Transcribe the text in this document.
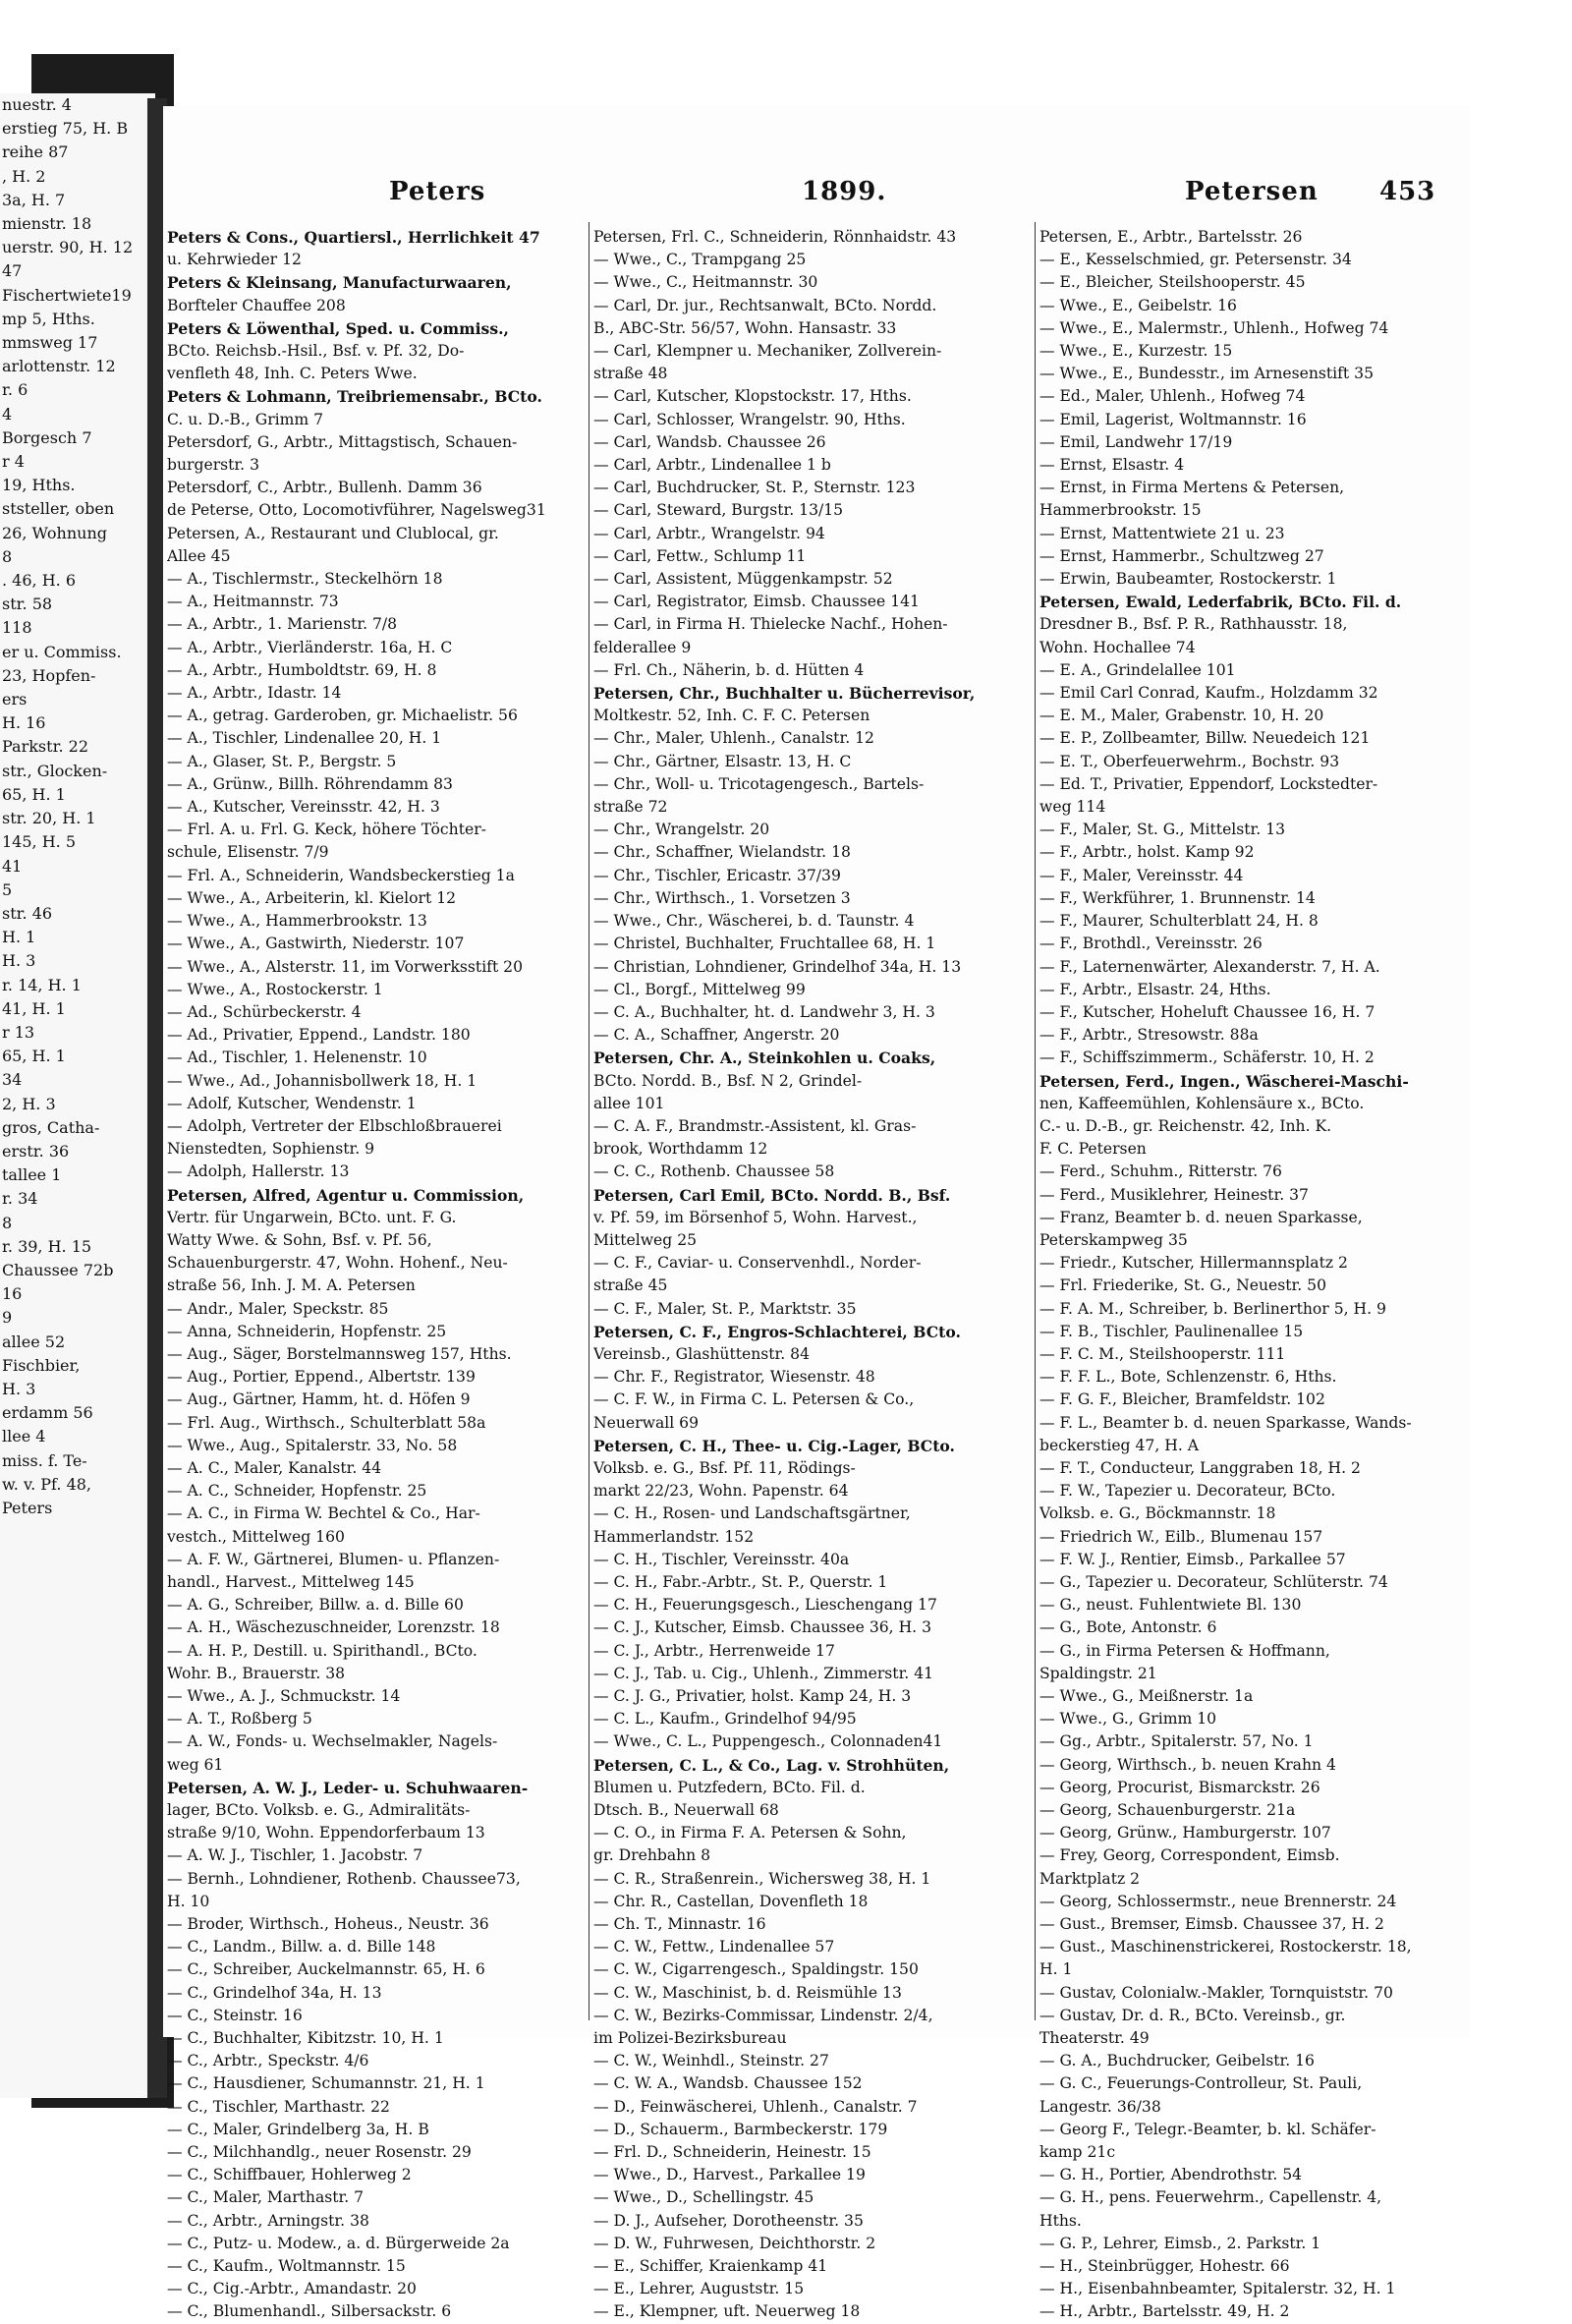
nuestr. 4
erstieg 75, H. B
reihe 87
, H. 2
3a, H. 7
mienstr. 18
uerstr. 90, H. 12
47
Fischertwiete19
mp 5, Hths.
mmsweg 17
arlottenstr. 12
r. 6
4
Borgesch 7
r 4
19, Hths.
ststeller, oben
26, Wohnung
8
. 46, H. 6
str. 58
118
er u. Commiss.
23, Hopfen-
ers
H. 16
Parkstr. 22
str., Glocken-
65, H. 1
str. 20, H. 1
145, H. 5
41
5
str. 46
H. 1
H. 3
r. 14, H. 1
41, H. 1
r 13
65, H. 1
34
2, H. 3
gros, Catha-
erstr. 36
tallee 1
r. 34
8
r. 39, H. 15
Chaussee 72b
16
9
allee 52
Fischbier,
H. 3
erdamm 56
llee 4
miss. f. Te-
w. v. Pf. 48,
Peters
Peters	1899.	Petersen 453
Peters & Cons., Quartiersl., Herrlichkeit 47
u. Kehrwieder 12
Peters & Kleinsang, Manufacturwaaren,
Borfteler Chauffee 208
Peters & Löwenthal, Sped. u. Commiss.,
BCto. Reichsb.-Hsil., Bsf. v. Pf. 32, Do-
venfleth 48, Inh. C. Peters Wwe.
Peters & Lohmann, Treibriemensabr., BCto.
C. u. D.-B., Grimm 7
Petersdorf, G., Arbtr., Mittagstisch, Schauen-
burgerstr. 3
Petersdorf, C., Arbtr., Bullenh. Damm 36
de Peterse, Otto, Locomotivführer, Nagelsweg31
Petersen, A., Restaurant und Clublocal, gr.
Allee 45
— A., Tischlermstr., Steckelhörn 18
— A., Heitmannstr. 73
— A., Arbtr., 1. Marienstr. 7/8
— A., Arbtr., Vierländerstr. 16a, H. C
— A., Arbtr., Humboldtstr. 69, H. 8
— A., Arbtr., Idastr. 14
— A., getrag. Garderoben, gr. Michaelistr. 56
— A., Tischler, Lindenallee 20, H. 1
— A., Glaser, St. P., Bergstr. 5
— A., Grünw., Billh. Röhrendamm 83
— A., Kutscher, Vereinsstr. 42, H. 3
— Frl. A. u. Frl. G. Keck, höhere Töchter-
schule, Elisenstr. 7/9
— Frl. A., Schneiderin, Wandsbeckerstieg 1a
— Wwe., A., Arbeiterin, kl. Kielort 12
— Wwe., A., Hammerbrookstr. 13
— Wwe., A., Gastwirth, Niederstr. 107
— Wwe., A., Alsterstr. 11, im Vorwerksstift 20
— Wwe., A., Rostockerstr. 1
— Ad., Schürbeckerstr. 4
— Ad., Privatier, Eppend., Landstr. 180
— Ad., Tischler, 1. Helenenstr. 10
— Wwe., Ad., Johannisbollwerk 18, H. 1
— Adolf, Kutscher, Wendenstr. 1
— Adolph, Vertreter der Elbschloßbrauerei
Nienstedten, Sophienstr. 9
— Adolph, Hallerstr. 13
Petersen, Alfred, Agentur u. Commission,
Vertr. für Ungarwein, BCto. unt. F. G.
Watty Wwe. & Sohn, Bsf. v. Pf. 56,
Schauenburgerstr. 47, Wohn. Hohenf., Neu-
straße 56, Inh. J. M. A. Petersen
— Andr., Maler, Speckstr. 85
— Anna, Schneiderin, Hopfenstr. 25
— Aug., Säger, Borstelmannsweg 157, Hths.
— Aug., Portier, Eppend., Albertstr. 139
— Aug., Gärtner, Hamm, ht. d. Höfen 9
— Frl. Aug., Wirthsch., Schulterblatt 58a
— Wwe., Aug., Spitalerstr. 33, No. 58
— A. C., Maler, Kanalstr. 44
— A. C., Schneider, Hopfenstr. 25
— A. C., in Firma W. Bechtel & Co., Har-
vestch., Mittelweg 160
— A. F. W., Gärtnerei, Blumen- u. Pflanzen-
handl., Harvest., Mittelweg 145
— A. G., Schreiber, Billw. a. d. Bille 60
— A. H., Wäschezuschneider, Lorenzstr. 18
— A. H. P., Destill. u. Spirithandl., BCto.
Wohr. B., Brauerstr. 38
— Wwe., A. J., Schmuckstr. 14
— A. T., Roßberg 5
— A. W., Fonds- u. Wechselmakler, Nagels-
weg 61
Petersen, A. W. J., Leder- u. Schuhwaaren-
lager, BCto. Volksb. e. G., Admiralitäts-
straße 9/10, Wohn. Eppendorferbaum 13
— A. W. J., Tischler, 1. Jacobstr. 7
— Bernh., Lohndiener, Rothenb. Chaussee73,
H. 10
— Broder, Wirthsch., Hoheus., Neustr. 36
— C., Landm., Billw. a. d. Bille 148
— C., Schreiber, Auckelmannstr. 65, H. 6
— C., Grindelhof 34a, H. 13
— C., Steinstr. 16
— C., Buchhalter, Kibitzstr. 10, H. 1
— C., Arbtr., Speckstr. 4/6
— C., Hausdiener, Schumannstr. 21, H. 1
— C., Tischler, Marthastr. 22
— C., Maler, Grindelberg 3a, H. B
— C., Milchhandlg., neuer Rosenstr. 29
— C., Schiffbauer, Hohlerweg 2
— C., Maler, Marthastr. 7
— C., Arbtr., Arningstr. 38
— C., Putz- u. Modew., a. d. Bürgerweide 2a
— C., Kaufm., Woltmannstr. 15
— C., Cig.-Arbtr., Amandastr. 20
— C., Blumenhandl., Silbersackstr. 6
Petersen, Frl. C., Schneiderin, Rönnhaidstr. 43
— Wwe., C., Trampgang 25
— Wwe., C., Heitmannstr. 30
— Carl, Dr. jur., Rechtsanwalt, BCto. Nordd.
B., ABC-Str. 56/57, Wohn. Hansastr. 33
— Carl, Klempner u. Mechaniker, Zollverein-
straße 48
— Carl, Kutscher, Klopstockstr. 17, Hths.
— Carl, Schlosser, Wrangelstr. 90, Hths.
— Carl, Wandsb. Chaussee 26
— Carl, Arbtr., Lindenallee 1 b
— Carl, Buchdrucker, St. P., Sternstr. 123
— Carl, Steward, Burgstr. 13/15
— Carl, Arbtr., Wrangelstr. 94
— Carl, Fettw., Schlump 11
— Carl, Assistent, Müggenkampstr. 52
— Carl, Registrator, Eimsb. Chaussee 141
— Carl, in Firma H. Thielecke Nachf., Hohen-
felderallee 9
— Frl. Ch., Näherin, b. d. Hütten 4
Petersen, Chr., Buchhalter u. Bücherrevisor,
Moltkestr. 52, Inh. C. F. C. Petersen
— Chr., Maler, Uhlenh., Canalstr. 12
— Chr., Gärtner, Elsastr. 13, H. C
— Chr., Woll- u. Tricotagengesch., Bartels-
straße 72
— Chr., Wrangelstr. 20
— Chr., Schaffner, Wielandstr. 18
— Chr., Tischler, Ericastr. 37/39
— Chr., Wirthsch., 1. Vorsetzen 3
— Wwe., Chr., Wäscherei, b. d. Taunstr. 4
— Christel, Buchhalter, Fruchtallee 68, H. 1
— Christian, Lohndiener, Grindelhof 34a, H. 13
— Cl., Borgf., Mittelweg 99
— C. A., Buchhalter, ht. d. Landwehr 3, H. 3
— C. A., Schaffner, Angerstr. 20
Petersen, Chr. A., Steinkohlen u. Coaks,
BCto. Nordd. B., Bsf. N 2, Grindel-
allee 101
— C. A. F., Brandmstr.-Assistent, kl. Gras-
brook, Worthdamm 12
— C. C., Rothenb. Chaussee 58
Petersen, Carl Emil, BCto. Nordd. B., Bsf.
v. Pf. 59, im Börsenhof 5, Wohn. Harvest.,
Mittelweg 25
— C. F., Caviar- u. Conservenhdl., Norder-
straße 45
— C. F., Maler, St. P., Marktstr. 35
Petersen, C. F., Engros-Schlachterei, BCto.
Vereinsb., Glashüttenstr. 84
— Chr. F., Registrator, Wiesenstr. 48
— C. F. W., in Firma C. L. Petersen & Co.,
Neuerwall 69
Petersen, C. H., Thee- u. Cig.-Lager, BCto.
Volksb. e. G., Bsf. Pf. 11, Rödings-
markt 22/23, Wohn. Papenstr. 64
— C. H., Rosen- und Landschaftsgärtner,
Hammerlandstr. 152
— C. H., Tischler, Vereinsstr. 40a
— C. H., Fabr.-Arbtr., St. P., Querstr. 1
— C. H., Feuerungsgesch., Lieschengang 17
— C. J., Kutscher, Eimsb. Chaussee 36, H. 3
— C. J., Arbtr., Herrenweide 17
— C. J., Tab. u. Cig., Uhlenh., Zimmerstr. 41
— C. J. G., Privatier, holst. Kamp 24, H. 3
— C. L., Kaufm., Grindelhof 94/95
— Wwe., C. L., Puppengesch., Colonnaden41
Petersen, C. L., & Co., Lag. v. Strohhüten,
Blumen u. Putzfedern, BCto. Fil. d.
Dtsch. B., Neuerwall 68
— C. O., in Firma F. A. Petersen & Sohn,
gr. Drehbahn 8
— C. R., Straßenrein., Wichersweg 38, H. 1
— Chr. R., Castellan, Dovenfleth 18
— Ch. T., Minnastr. 16
— C. W., Fettw., Lindenallee 57
— C. W., Cigarrengesch., Spaldingstr. 150
— C. W., Maschinist, b. d. Reismühle 13
— C. W., Bezirks-Commissar, Lindenstr. 2/4,
im Polizei-Bezirksbureau
— C. W., Weinhdl., Steinstr. 27
— C. W. A., Wandsb. Chaussee 152
— D., Feinwäscherei, Uhlenh., Canalstr. 7
— D., Schauerm., Barmbeckerstr. 179
— Frl. D., Schneiderin, Heinestr. 15
— Wwe., D., Harvest., Parkallee 19
— Wwe., D., Schellingstr. 45
— D. J., Aufseher, Dorotheenstr. 35
— D. W., Fuhrwesen, Deichthorstr. 2
— E., Schiffer, Kraienkamp 41
— E., Lehrer, Auguststr. 15
— E., Klempner, uft. Neuerweg 18
Petersen, E., Arbtr., Bartelsstr. 26
— E., Kesselschmied, gr. Petersenstr. 34
— E., Bleicher, Steilshooperstr. 45
— Wwe., E., Geibelstr. 16
— Wwe., E., Malermstr., Uhlenh., Hofweg 74
— Wwe., E., Kurzestr. 15
— Wwe., E., Bundesstr., im Arnesenstift 35
— Ed., Maler, Uhlenh., Hofweg 74
— Emil, Lagerist, Woltmannstr. 16
— Emil, Landwehr 17/19
— Ernst, Elsastr. 4
— Ernst, in Firma Mertens & Petersen,
Hammerbrookstr. 15
— Ernst, Mattentwiete 21 u. 23
— Ernst, Hammerbr., Schultzweg 27
— Erwin, Baubeamter, Rostockerstr. 1
Petersen, Ewald, Lederfabrik, BCto. Fil. d.
Dresdner B., Bsf. P. R., Rathhausstr. 18,
Wohn. Hochallee 74
— E. A., Grindelallee 101
— Emil Carl Conrad, Kaufm., Holzdamm 32
— E. M., Maler, Grabenstr. 10, H. 20
— E. P., Zollbeamter, Billw. Neuedeich 121
— E. T., Oberfeuerwehrm., Bochstr. 93
— Ed. T., Privatier, Eppendorf, Lockstedter-
weg 114
— F., Maler, St. G., Mittelstr. 13
— F., Arbtr., holst. Kamp 92
— F., Maler, Vereinsstr. 44
— F., Werkführer, 1. Brunnenstr. 14
— F., Maurer, Schulterblatt 24, H. 8
— F., Brothdl., Vereinsstr. 26
— F., Laternenwärter, Alexanderstr. 7, H. A.
— F., Arbtr., Elsastr. 24, Hths.
— F., Kutscher, Hoheluft Chaussee 16, H. 7
— F., Arbtr., Stresowstr. 88a
— F., Schiffszimmerm., Schäferstr. 10, H. 2
Petersen, Ferd., Ingen., Wäscherei-Maschi-
nen, Kaffeemühlen, Kohlensäure x., BCto.
C.- u. D.-B., gr. Reichenstr. 42, Inh. K.
F. C. Petersen
— Ferd., Schuhm., Ritterstr. 76
— Ferd., Musiklehrer, Heinestr. 37
— Franz, Beamter b. d. neuen Sparkasse,
Peterskampweg 35
— Friedr., Kutscher, Hillermannsplatz 2
— Frl. Friederike, St. G., Neuestr. 50
— F. A. M., Schreiber, b. Berlinerthor 5, H. 9
— F. B., Tischler, Paulinenallee 15
— F. C. M., Steilshooperstr. 111
— F. F. L., Bote, Schlenzenstr. 6, Hths.
— F. G. F., Bleicher, Bramfeldstr. 102
— F. L., Beamter b. d. neuen Sparkasse, Wands-
beckerstieg 47, H. A
— F. T., Conducteur, Langgraben 18, H. 2
— F. W., Tapezier u. Decorateur, BCto.
Volksb. e. G., Böckmannstr. 18
— Friedrich W., Eilb., Blumenau 157
— F. W. J., Rentier, Eimsb., Parkallee 57
— G., Tapezier u. Decorateur, Schlüterstr. 74
— G., neust. Fuhlentwiete Bl. 130
— G., Bote, Antonstr. 6
— G., in Firma Petersen & Hoffmann,
Spaldingstr. 21
— Wwe., G., Meißnerstr. 1a
— Wwe., G., Grimm 10
— Gg., Arbtr., Spitalerstr. 57, No. 1
— Georg, Wirthsch., b. neuen Krahn 4
— Georg, Procurist, Bismarckstr. 26
— Georg, Schauenburgerstr. 21a
— Georg, Grünw., Hamburgerstr. 107
— Frey, Georg, Correspondent, Eimsb.
Marktplatz 2
— Georg, Schlossermstr., neue Brennerstr. 24
— Gust., Bremser, Eimsb. Chaussee 37, H. 2
— Gust., Maschinenstrickerei, Rostockerstr. 18,
H. 1
— Gustav, Colonialw.-Makler, Tornquiststr. 70
— Gustav, Dr. d. R., BCto. Vereinsb., gr.
Theaterstr. 49
— G. A., Buchdrucker, Geibelstr. 16
— G. C., Feuerungs-Controlleur, St. Pauli,
Langestr. 36/38
— Georg F., Telegr.-Beamter, b. kl. Schäfer-
kamp 21c
— G. H., Portier, Abendrothstr. 54
— G. H., pens. Feuerwehrm., Capellenstr. 4,
Hths.
— G. P., Lehrer, Eimsb., 2. Parkstr. 1
— H., Steinbrügger, Hohestr. 66
— H., Eisenbahnbeamter, Spitalerstr. 32, H. 1
— H., Arbtr., Bartelsstr. 49, H. 2
